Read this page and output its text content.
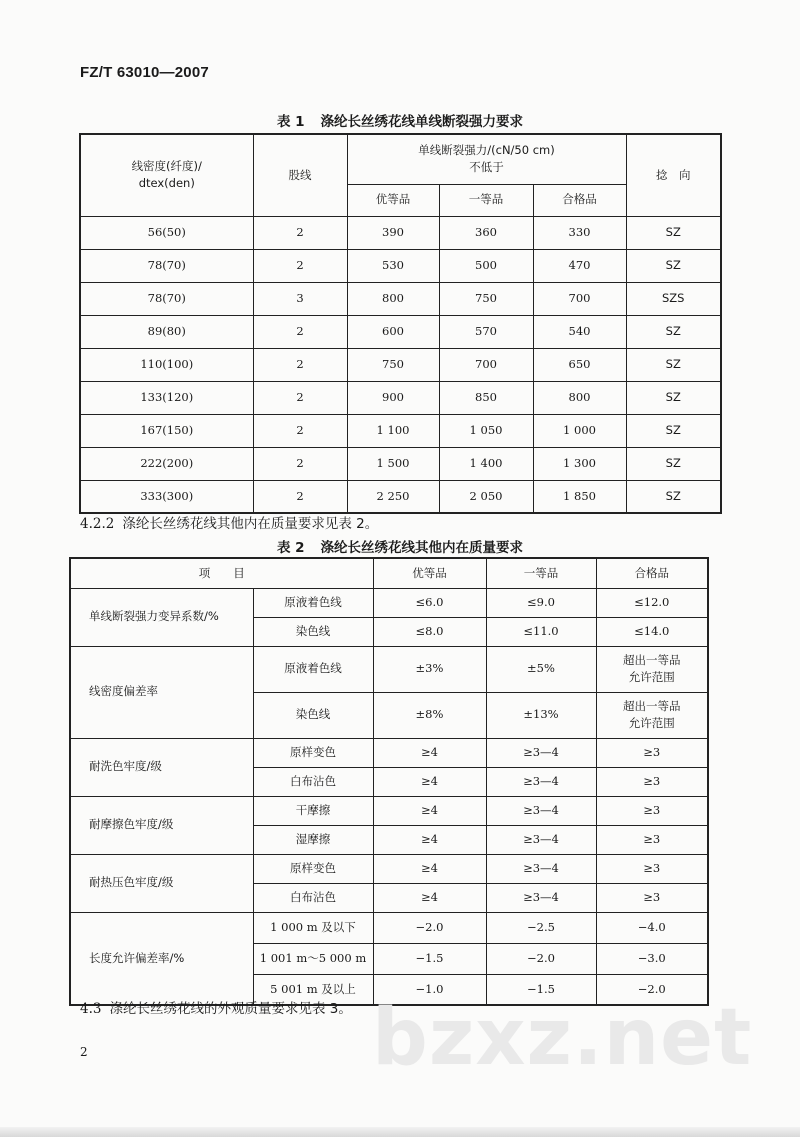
FZ/T 63010—2007
表 1 涤纶长丝绣花线单线断裂强力要求
线密度(纤度)/
dtex(den)	股线	单线断裂强力/(cN/50 cm)
不低于			捻　向
		优等品	一等品	合格品	
56(50)	2	390	360	330	SZ
78(70)	2	530	500	470	SZ
78(70)	3	800	750	700	SZS
89(80)	2	600	570	540	SZ
110(100)	2	750	700	650	SZ
133(120)	2	900	850	800	SZ
167(150)	2	1 100	1 050	1 000	SZ
222(200)	2	1 500	1 400	1 300	SZ
333(300)	2	2 250	2 050	1 850	SZ
4.2.2 涤纶长丝绣花线其他内在质量要求见表 2。
表 2 涤纶长丝绣花线其他内在质量要求
项　　目		优等品	一等品	合格品
单线断裂强力变异系数/%	原液着色线	≤6.0	≤9.0	≤12.0
	染色线	≤8.0	≤11.0	≤14.0
线密度偏差率	原液着色线	±3%	±5%	超出一等品
允许范围
	染色线	±8%	±13%	超出一等品
允许范围
耐洗色牢度/级	原样变色	≥4	≥3—4	≥3
	白布沾色	≥4	≥3—4	≥3
耐摩擦色牢度/级	干摩擦	≥4	≥3—4	≥3
	湿摩擦	≥4	≥3—4	≥3
耐热压色牢度/级	原样变色	≥4	≥3—4	≥3
	白布沾色	≥4	≥3—4	≥3
长度允许偏差率/%	1 000 m 及以下	−2.0	−2.5	−4.0
	1 001 m～5 000 m	−1.5	−2.0	−3.0
	5 001 m 及以上	−1.0	−1.5	−2.0
4.3 涤纶长丝绣花线的外观质量要求见表 3。 bzxz.net
2
